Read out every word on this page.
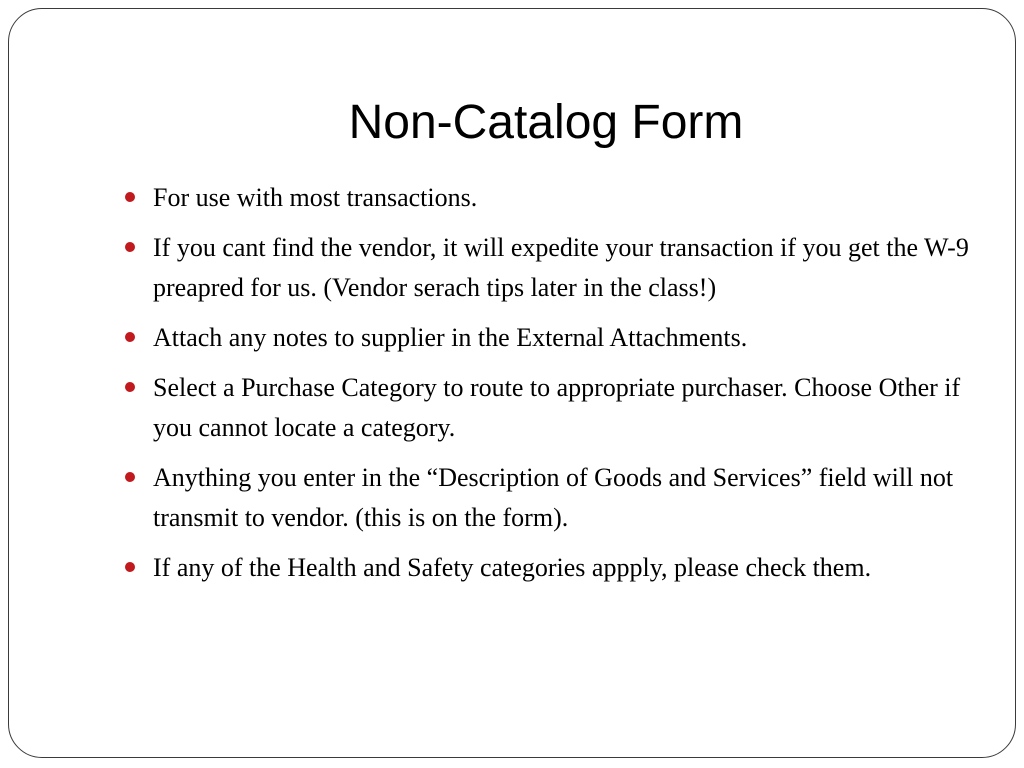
Non-Catalog Form
For use with most transactions.
If you cant find the vendor, it will expedite your transaction if you get the W-9 preapred for us. (Vendor serach tips later in the class!)
Attach any notes to supplier in the External Attachments.
Select a Purchase Category to route to appropriate purchaser. Choose Other if you cannot locate a category.
Anything you enter in the “Description of Goods and Services” field will not transmit to vendor. (this is on the form).
If any of the Health and Safety categories appply, please check them.
